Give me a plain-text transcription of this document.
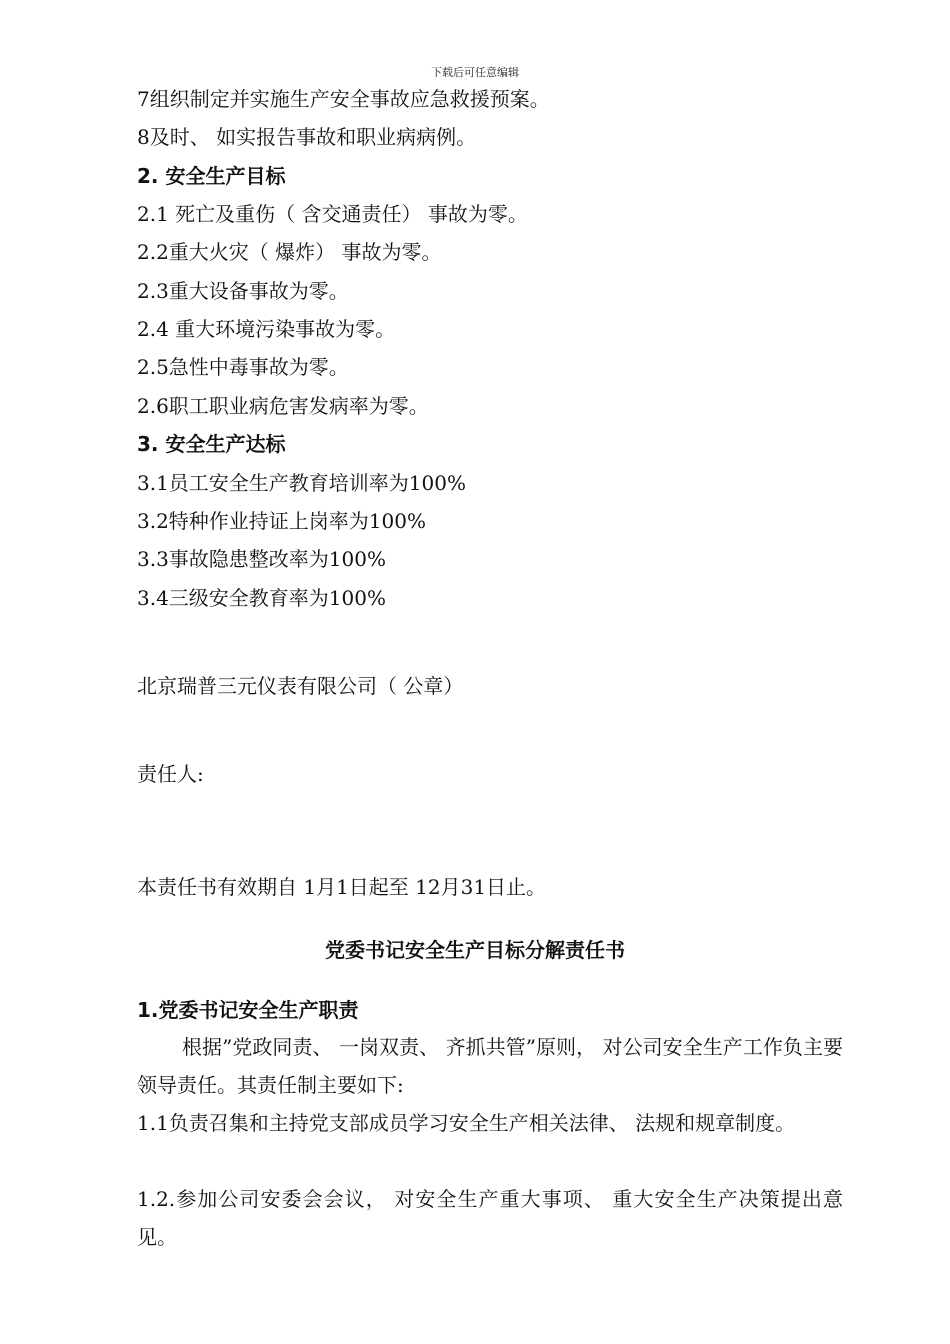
下载后可任意编辑
7组织制定并实施生产安全事故应急救援预案。
8及时、 如实报告事故和职业病病例。
2. 安全生产目标
2.1 死亡及重伤（ 含交通责任） 事故为零。
2.2重大火灾（ 爆炸） 事故为零。
2.3重大设备事故为零。
2.4 重大环境污染事故为零。
2.5急性中毒事故为零。
2.6职工职业病危害发病率为零。
3. 安全生产达标
3.1员工安全生产教育培训率为100%
3.2特种作业持证上岗率为100%
3.3事故隐患整改率为100%
3.4三级安全教育率为100%
北京瑞普三元仪表有限公司（ 公章）
责任人:
本责任书有效期自 1月1日起至 12月31日止。
党委书记安全生产目标分解责任书
1.党委书记安全生产职责
根据”党政同责、 一岗双责、 齐抓共管”原则， 对公司安全生产工作负主要领导责任。其责任制主要如下:
1.1负责召集和主持党支部成员学习安全生产相关法律、 法规和规章制度。
1.2.参加公司安委会会议， 对安全生产重大事项、 重大安全生产决策提出意见。
